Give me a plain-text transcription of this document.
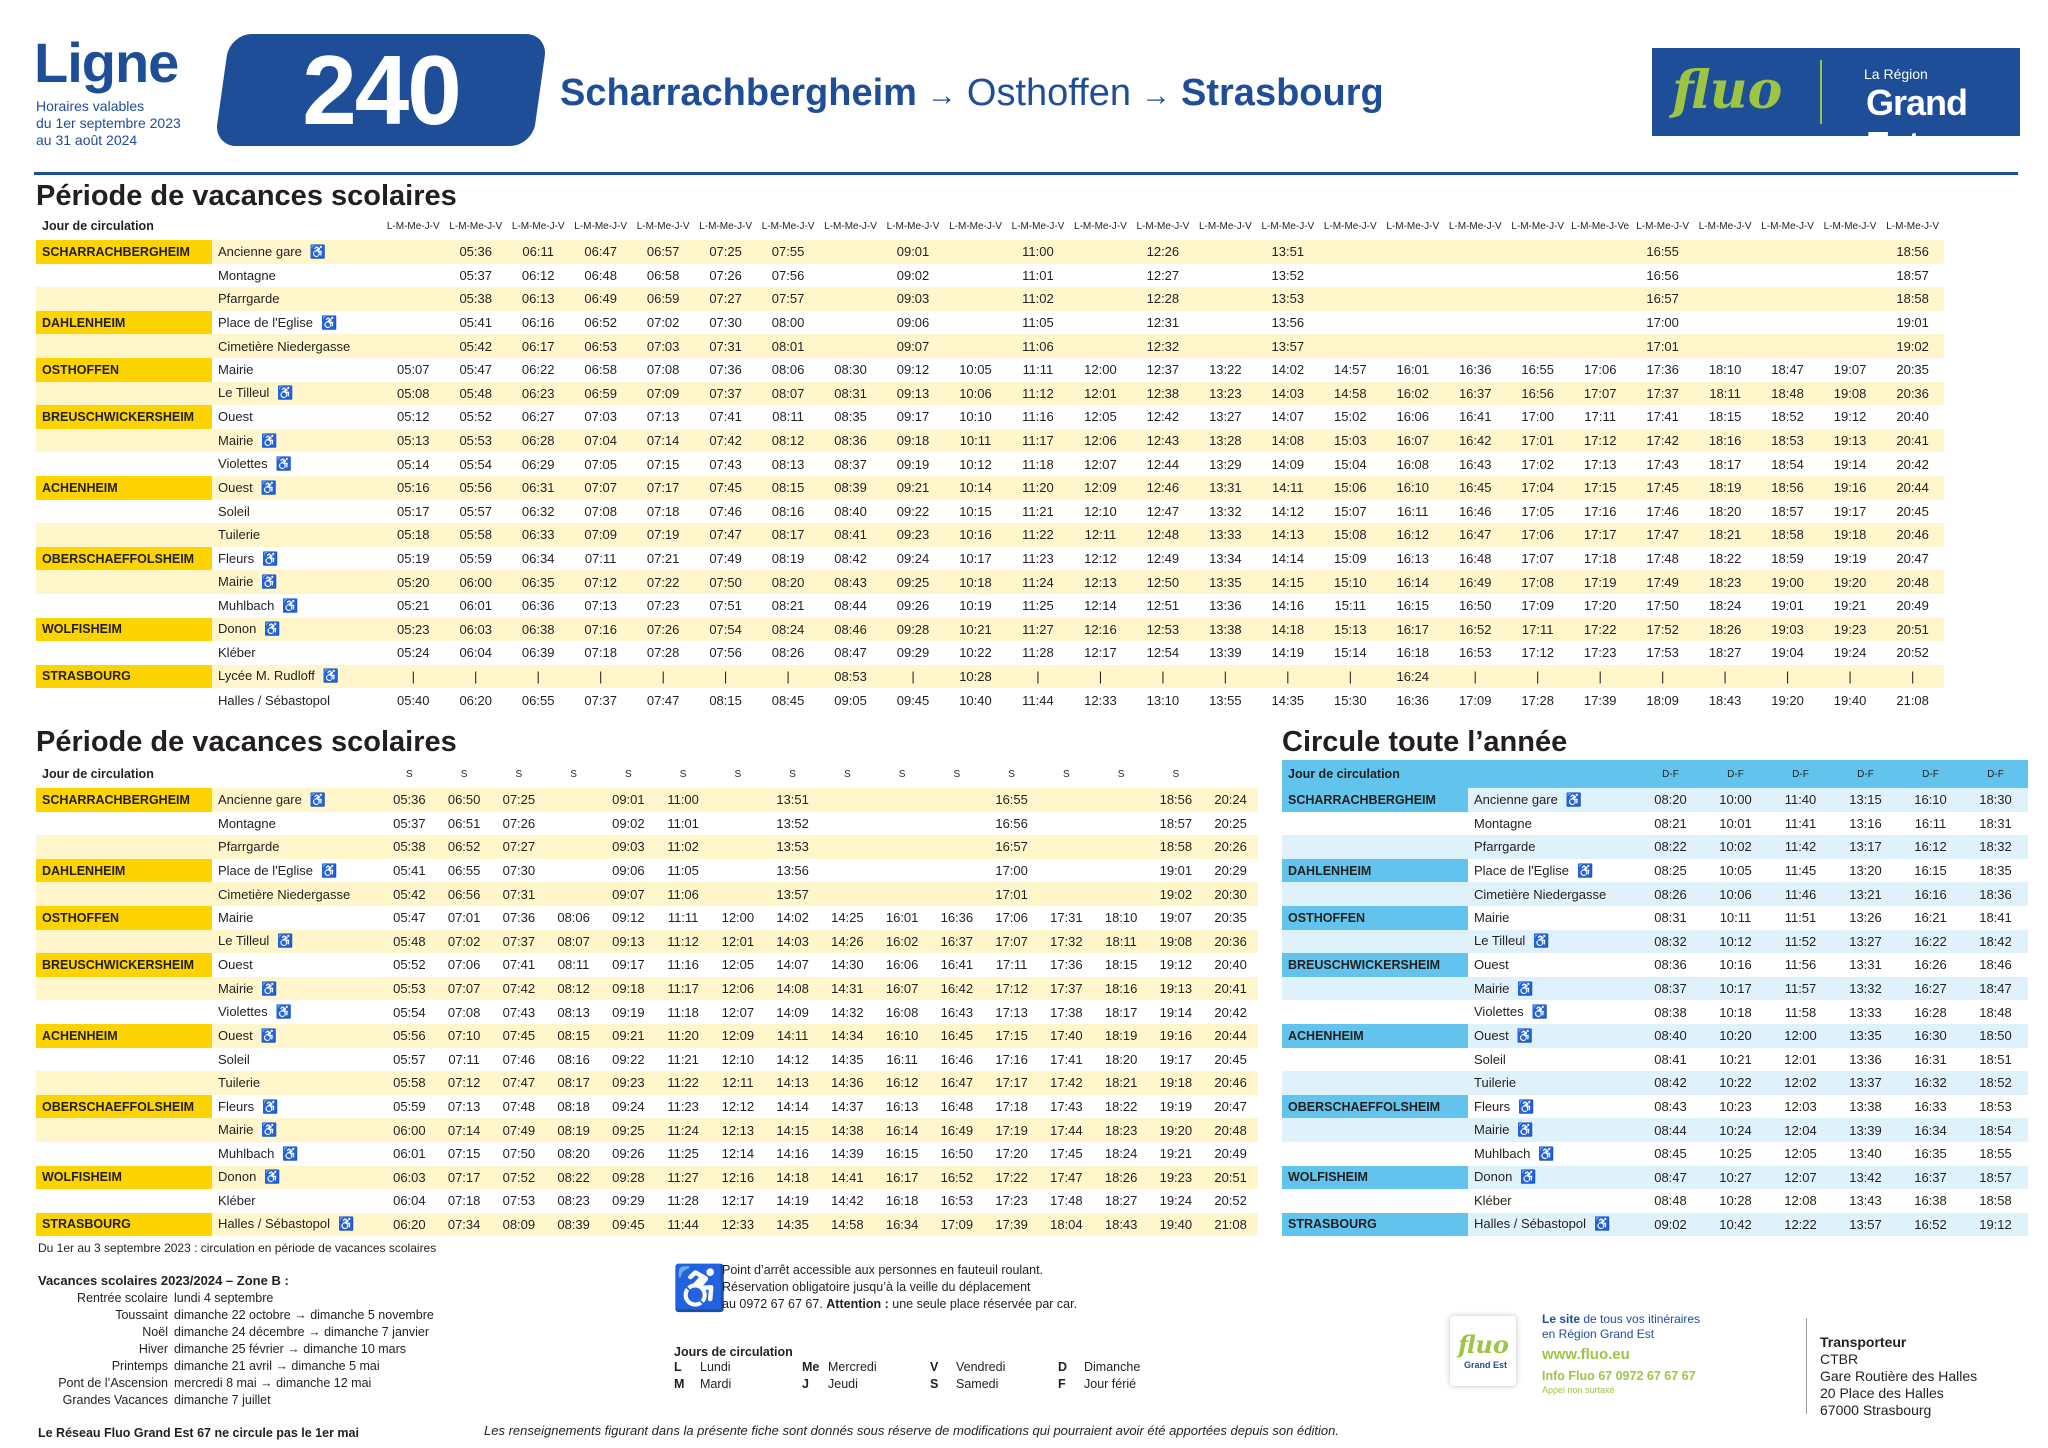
Ligne
Horaires valables
du 1er septembre 2023
au 31 août 2024	240	Scharrachbergheim → Osthoffen → Strasbourg	fluo	La Région
Grand Est
Période de vacances scolaires
Période de vacances scolaires	Circule toute l’année
Jour de circulation		L-M-Me-J-V	L-M-Me-J-V	L-M-Me-J-V	L-M-Me-J-V	L-M-Me-J-V	L-M-Me-J-V	L-M-Me-J-V	L-M-Me-J-V	L-M-Me-J-V	L-M-Me-J-V	L-M-Me-J-V	L-M-Me-J-V	L-M-Me-J-V	L-M-Me-J-V	L-M-Me-J-V	L-M-Me-J-V	L-M-Me-J-V	L-M-Me-J-V	L-M-Me-J-V	L-M-Me-J-Ve	L-M-Me-J-V	L-M-Me-J-V	L-M-Me-J-V	L-M-Me-J-V	L-M-Me-J-V
SCHARRACHBERGHEIM	Ancienne gare ♿		05:36	06:11	06:47	06:57	07:25	07:55		09:01		11:00		12:26		13:51						16:55				18:56
	Montagne		05:37	06:12	06:48	06:58	07:26	07:56		09:02		11:01		12:27		13:52						16:56				18:57
	Pfarrgarde		05:38	06:13	06:49	06:59	07:27	07:57		09:03		11:02		12:28		13:53						16:57				18:58
DAHLENHEIM	Place de l'Eglise ♿		05:41	06:16	06:52	07:02	07:30	08:00		09:06		11:05		12:31		13:56						17:00				19:01
	Cimetière Niedergasse		05:42	06:17	06:53	07:03	07:31	08:01		09:07		11:06		12:32		13:57						17:01				19:02
OSTHOFFEN	Mairie	05:07	05:47	06:22	06:58	07:08	07:36	08:06	08:30	09:12	10:05	11:11	12:00	12:37	13:22	14:02	14:57	16:01	16:36	16:55	17:06	17:36	18:10	18:47	19:07	20:35
	Le Tilleul ♿	05:08	05:48	06:23	06:59	07:09	07:37	08:07	08:31	09:13	10:06	11:12	12:01	12:38	13:23	14:03	14:58	16:02	16:37	16:56	17:07	17:37	18:11	18:48	19:08	20:36
BREUSCHWICKERSHEIM	Ouest	05:12	05:52	06:27	07:03	07:13	07:41	08:11	08:35	09:17	10:10	11:16	12:05	12:42	13:27	14:07	15:02	16:06	16:41	17:00	17:11	17:41	18:15	18:52	19:12	20:40
	Mairie ♿	05:13	05:53	06:28	07:04	07:14	07:42	08:12	08:36	09:18	10:11	11:17	12:06	12:43	13:28	14:08	15:03	16:07	16:42	17:01	17:12	17:42	18:16	18:53	19:13	20:41
	Violettes ♿	05:14	05:54	06:29	07:05	07:15	07:43	08:13	08:37	09:19	10:12	11:18	12:07	12:44	13:29	14:09	15:04	16:08	16:43	17:02	17:13	17:43	18:17	18:54	19:14	20:42
ACHENHEIM	Ouest ♿	05:16	05:56	06:31	07:07	07:17	07:45	08:15	08:39	09:21	10:14	11:20	12:09	12:46	13:31	14:11	15:06	16:10	16:45	17:04	17:15	17:45	18:19	18:56	19:16	20:44
	Soleil	05:17	05:57	06:32	07:08	07:18	07:46	08:16	08:40	09:22	10:15	11:21	12:10	12:47	13:32	14:12	15:07	16:11	16:46	17:05	17:16	17:46	18:20	18:57	19:17	20:45
	Tuilerie	05:18	05:58	06:33	07:09	07:19	07:47	08:17	08:41	09:23	10:16	11:22	12:11	12:48	13:33	14:13	15:08	16:12	16:47	17:06	17:17	17:47	18:21	18:58	19:18	20:46
OBERSCHAEFFOLSHEIM	Fleurs ♿	05:19	05:59	06:34	07:11	07:21	07:49	08:19	08:42	09:24	10:17	11:23	12:12	12:49	13:34	14:14	15:09	16:13	16:48	17:07	17:18	17:48	18:22	18:59	19:19	20:47
	Mairie ♿	05:20	06:00	06:35	07:12	07:22	07:50	08:20	08:43	09:25	10:18	11:24	12:13	12:50	13:35	14:15	15:10	16:14	16:49	17:08	17:19	17:49	18:23	19:00	19:20	20:48
	Muhlbach ♿	05:21	06:01	06:36	07:13	07:23	07:51	08:21	08:44	09:26	10:19	11:25	12:14	12:51	13:36	14:16	15:11	16:15	16:50	17:09	17:20	17:50	18:24	19:01	19:21	20:49
WOLFISHEIM	Donon ♿	05:23	06:03	06:38	07:16	07:26	07:54	08:24	08:46	09:28	10:21	11:27	12:16	12:53	13:38	14:18	15:13	16:17	16:52	17:11	17:22	17:52	18:26	19:03	19:23	20:51
	Kléber	05:24	06:04	06:39	07:18	07:28	07:56	08:26	08:47	09:29	10:22	11:28	12:17	12:54	13:39	14:19	15:14	16:18	16:53	17:12	17:23	17:53	18:27	19:04	19:24	20:52
STRASBOURG	Lycée M. Rudloff ♿	|	|	|	|	|	|	|	08:53	|	10:28	|	|	|	|	|	|	16:24	|	|	|	|	|	|	|	|
	Halles / Sébastopol	05:40	06:20	06:55	07:37	07:47	08:15	08:45	09:05	09:45	10:40	11:44	12:33	13:10	13:55	14:35	15:30	16:36	17:09	17:28	17:39	18:09	18:43	19:20	19:40	21:08
Jour de circulation		S	S	S	S	S	S	S	S	S	S	S	S	S	S	S	
SCHARRACHBERGHEIM	Ancienne gare ♿	05:36	06:50	07:25		09:01	11:00		13:51				16:55			18:56	20:24
	Montagne	05:37	06:51	07:26		09:02	11:01		13:52				16:56			18:57	20:25
	Pfarrgarde	05:38	06:52	07:27		09:03	11:02		13:53				16:57			18:58	20:26
DAHLENHEIM	Place de l'Eglise ♿	05:41	06:55	07:30		09:06	11:05		13:56				17:00			19:01	20:29
	Cimetière Niedergasse	05:42	06:56	07:31		09:07	11:06		13:57				17:01			19:02	20:30
OSTHOFFEN	Mairie	05:47	07:01	07:36	08:06	09:12	11:11	12:00	14:02	14:25	16:01	16:36	17:06	17:31	18:10	19:07	20:35
	Le Tilleul ♿	05:48	07:02	07:37	08:07	09:13	11:12	12:01	14:03	14:26	16:02	16:37	17:07	17:32	18:11	19:08	20:36
BREUSCHWICKERSHEIM	Ouest	05:52	07:06	07:41	08:11	09:17	11:16	12:05	14:07	14:30	16:06	16:41	17:11	17:36	18:15	19:12	20:40
	Mairie ♿	05:53	07:07	07:42	08:12	09:18	11:17	12:06	14:08	14:31	16:07	16:42	17:12	17:37	18:16	19:13	20:41
	Violettes ♿	05:54	07:08	07:43	08:13	09:19	11:18	12:07	14:09	14:32	16:08	16:43	17:13	17:38	18:17	19:14	20:42
ACHENHEIM	Ouest ♿	05:56	07:10	07:45	08:15	09:21	11:20	12:09	14:11	14:34	16:10	16:45	17:15	17:40	18:19	19:16	20:44
	Soleil	05:57	07:11	07:46	08:16	09:22	11:21	12:10	14:12	14:35	16:11	16:46	17:16	17:41	18:20	19:17	20:45
	Tuilerie	05:58	07:12	07:47	08:17	09:23	11:22	12:11	14:13	14:36	16:12	16:47	17:17	17:42	18:21	19:18	20:46
OBERSCHAEFFOLSHEIM	Fleurs ♿	05:59	07:13	07:48	08:18	09:24	11:23	12:12	14:14	14:37	16:13	16:48	17:18	17:43	18:22	19:19	20:47
	Mairie ♿	06:00	07:14	07:49	08:19	09:25	11:24	12:13	14:15	14:38	16:14	16:49	17:19	17:44	18:23	19:20	20:48
	Muhlbach ♿	06:01	07:15	07:50	08:20	09:26	11:25	12:14	14:16	14:39	16:15	16:50	17:20	17:45	18:24	19:21	20:49
WOLFISHEIM	Donon ♿	06:03	07:17	07:52	08:22	09:28	11:27	12:16	14:18	14:41	16:17	16:52	17:22	17:47	18:26	19:23	20:51
	Kléber	06:04	07:18	07:53	08:23	09:29	11:28	12:17	14:19	14:42	16:18	16:53	17:23	17:48	18:27	19:24	20:52
STRASBOURG	Halles / Sébastopol ♿	06:20	07:34	08:09	08:39	09:45	11:44	12:33	14:35	14:58	16:34	17:09	17:39	18:04	18:43	19:40	21:08
Jour de circulation		D-F	D-F	D-F	D-F	D-F	D-F
SCHARRACHBERGHEIM	Ancienne gare ♿	08:20	10:00	11:40	13:15	16:10	18:30
	Montagne	08:21	10:01	11:41	13:16	16:11	18:31
	Pfarrgarde	08:22	10:02	11:42	13:17	16:12	18:32
DAHLENHEIM	Place de l'Eglise ♿	08:25	10:05	11:45	13:20	16:15	18:35
	Cimetière Niedergasse	08:26	10:06	11:46	13:21	16:16	18:36
OSTHOFFEN	Mairie	08:31	10:11	11:51	13:26	16:21	18:41
	Le Tilleul ♿	08:32	10:12	11:52	13:27	16:22	18:42
BREUSCHWICKERSHEIM	Ouest	08:36	10:16	11:56	13:31	16:26	18:46
	Mairie ♿	08:37	10:17	11:57	13:32	16:27	18:47
	Violettes ♿	08:38	10:18	11:58	13:33	16:28	18:48
ACHENHEIM	Ouest ♿	08:40	10:20	12:00	13:35	16:30	18:50
	Soleil	08:41	10:21	12:01	13:36	16:31	18:51
	Tuilerie	08:42	10:22	12:02	13:37	16:32	18:52
OBERSCHAEFFOLSHEIM	Fleurs ♿	08:43	10:23	12:03	13:38	16:33	18:53
	Mairie ♿	08:44	10:24	12:04	13:39	16:34	18:54
	Muhlbach ♿	08:45	10:25	12:05	13:40	16:35	18:55
WOLFISHEIM	Donon ♿	08:47	10:27	12:07	13:42	16:37	18:57
	Kléber	08:48	10:28	12:08	13:43	16:38	18:58
STRASBOURG	Halles / Sébastopol ♿	09:02	10:42	12:22	13:57	16:52	19:12
Du 1er au 3 septembre 2023 : circulation en période de vacances scolaires
Vacances scolaires 2023/2024 – Zone B :
Rentrée scolaire lundi 4 septembre
Toussaint dimanche 22 octobre → dimanche 5 novembre
Noël dimanche 24 décembre → dimanche 7 janvier
Hiver dimanche 25 février → dimanche 10 mars
Printemps dimanche 21 avril → dimanche 5 mai
Pont de l’Ascension mercredi 8 mai → dimanche 12 mai
Grandes Vacances dimanche 7 juillet
Le Réseau Fluo Grand Est 67 ne circule pas le 1er mai
♿
Point d’arrêt accessible aux personnes en fauteuil roulant.
Réservation obligatoire jusqu’à la veille du déplacement
au 0972 67 67 67. Attention : une seule place réservée par car.
Jours de circulation
L Lundi
M Mardi
Me Mercredi
J Jeudi
V Vendredi
S Samedi
D Dimanche
F Jour férié
fluo
Grand Est
Le site de tous vos itinéraires
en Région Grand Est
www.fluo.eu
Info Fluo 67 0972 67 67 67
Appel non surtaxé
Transporteur
CTBR
Gare Routière des Halles
20 Place des Halles
67000 Strasbourg
Les renseignements figurant dans la présente fiche sont donnés sous réserve de modifications qui pourraient avoir été apportées depuis son édition.
